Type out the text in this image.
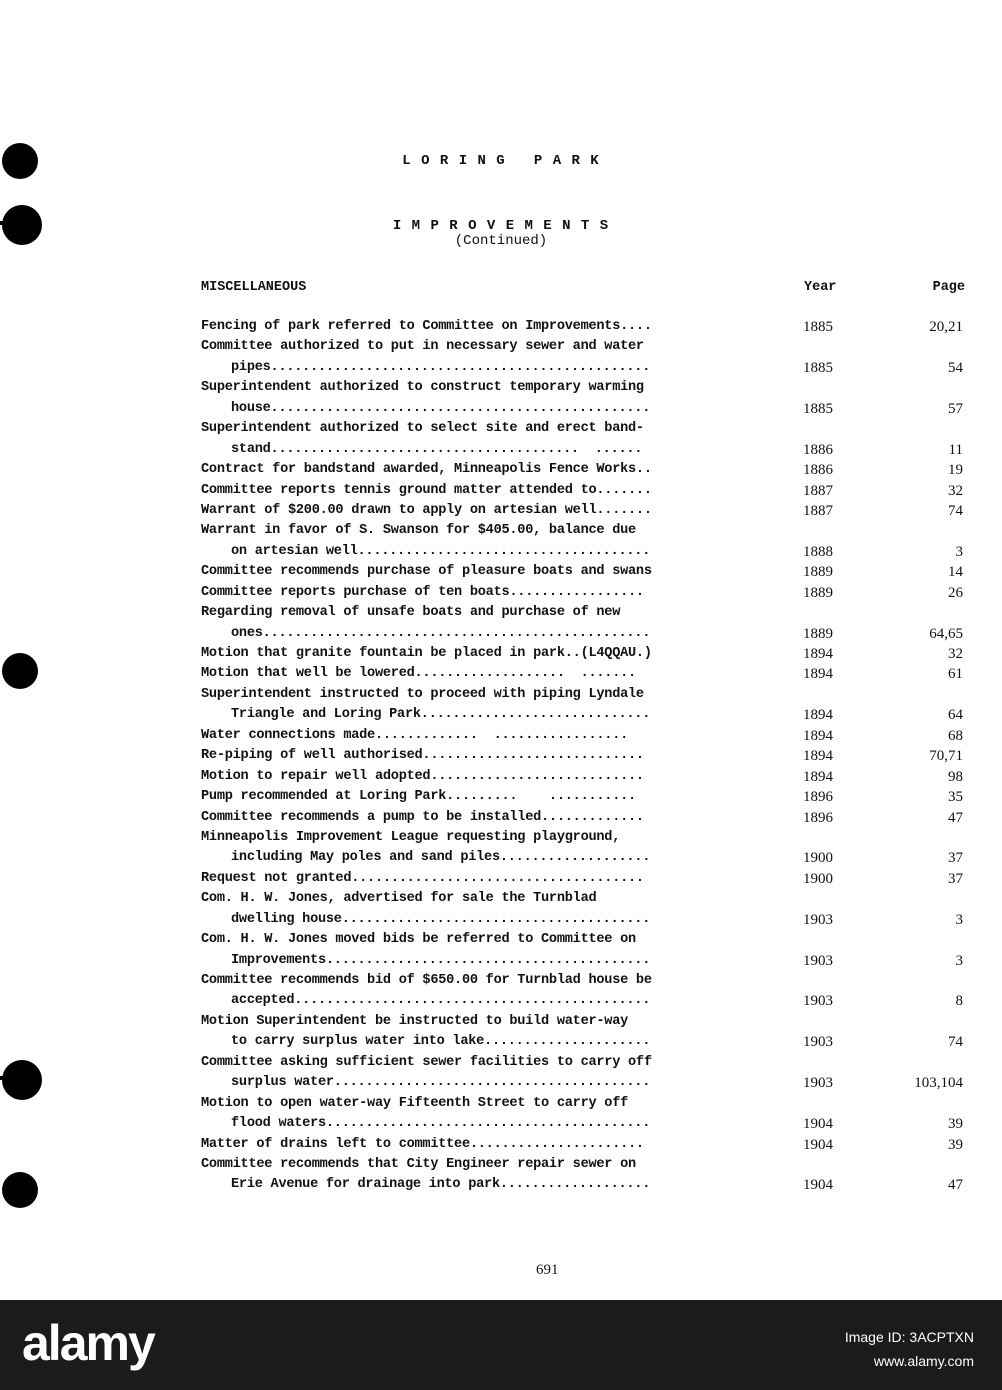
L O R I N G   P A R K
I M P R O V E M E N T S
(Continued)
MISCELLANEOUS	Year	Page
Fencing of park referred to Committee on Improvements....	1885	20,21
Committee authorized to put in necessary sewer and water
pipes................................................	1885	54
Superintendent authorized to construct temporary warming
house................................................	1885	57
Superintendent authorized to select site and erect band-
stand.......................................  ......	1886	11
Contract for bandstand awarded, Minneapolis Fence Works..	1886	19
Committee reports tennis ground matter attended to.......	1887	32
Warrant of $200.00 drawn to apply on artesian well.......	1887	74
Warrant in favor of S. Swanson for $405.00, balance due
on artesian well.....................................	1888	3
Committee recommends purchase of pleasure boats and swans	1889	14
Committee reports purchase of ten boats.................	1889	26
Regarding removal of unsafe boats and purchase of new
ones.................................................	1889	64,65
Motion that granite fountain be placed in park..(L4QQAU.)	1894	32
Motion that well be lowered...................  .......	1894	61
Superintendent instructed to proceed with piping Lyndale
Triangle and Loring Park.............................	1894	64
Water connections made.............  .................	1894	68
Re-piping of well authorised............................	1894	70,71
Motion to repair well adopted...........................	1894	98
Pump recommended at Loring Park.........    ...........	1896	35
Committee recommends a pump to be installed.............	1896	47
Minneapolis Improvement League requesting playground,
including May poles and sand piles...................	1900	37
Request not granted.....................................	1900	37
Com. H. W. Jones, advertised for sale the Turnblad
dwelling house.......................................	1903	3
Com. H. W. Jones moved bids be referred to Committee on
Improvements.........................................	1903	3
Committee recommends bid of $650.00 for Turnblad house be
accepted.............................................	1903	8
Motion Superintendent be instructed to build water-way
to carry surplus water into lake.....................	1903	74
Committee asking sufficient sewer facilities to carry off
surplus water........................................	1903	103,104
Motion to open water-way Fifteenth Street to carry off
flood waters.........................................	1904	39
Matter of drains left to committee......................	1904	39
Committee recommends that City Engineer repair sewer on
Erie Avenue for drainage into park...................	1904	47
691
alamy	Image ID: 3ACPTXN
www.alamy.com
